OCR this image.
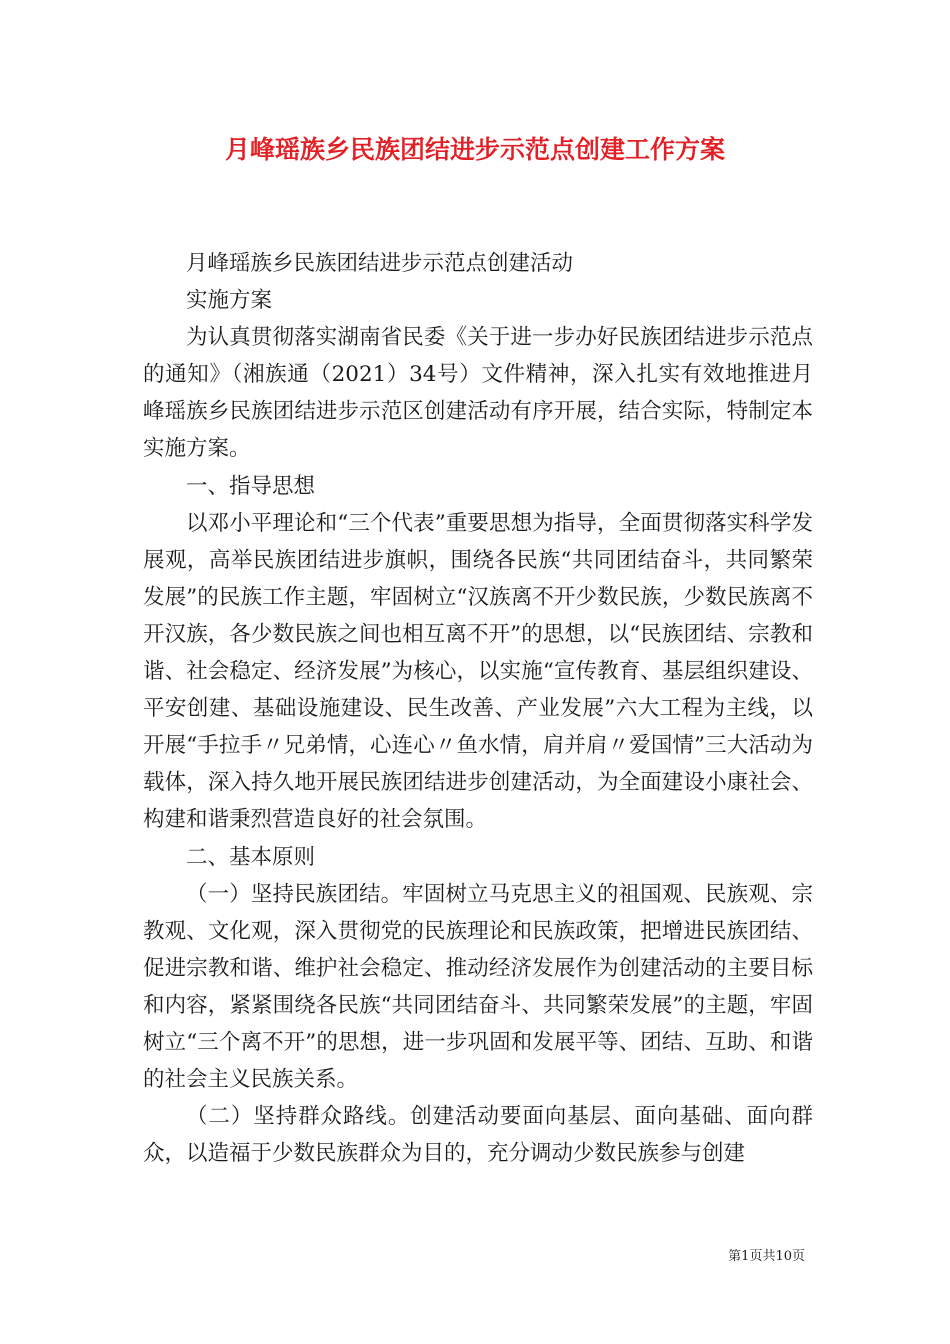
月峰瑶族乡民族团结进步示范点创建工作方案

月峰瑶族乡民族团结进步示范点创建活动

实施方案

为认真贯彻落实湖南省民委《关于进一步办好民族团结进步示范点的通知》（湘族通（2021）34号）文件精神，深入扎实有效地推进月峰瑶族乡民族团结进步示范区创建活动有序开展，结合实际，特制定本实施方案。

一、指导思想

以邓小平理论和“三个代表”重要思想为指导，全面贯彻落实科学发展观，高举民族团结进步旗帜，围绕各民族“共同团结奋斗，共同繁荣发展”的民族工作主题，牢固树立“汉族离不开少数民族，少数民族离不开汉族，各少数民族之间也相互离不开”的思想，以“民族团结、宗教和谐、社会稳定、经济发展”为核心，以实施“宣传教育、基层组织建设、平安创建、基础设施建设、民生改善、产业发展”六大工程为主线，以开展“手拉手〃兄弟情，心连心〃鱼水情，肩并肩〃爱国情”三大活动为载体，深入持久地开展民族团结进步创建活动，为全面建设小康社会、构建和谐秉烈营造良好的社会氛围。

二、基本原则

（一）坚持民族团结。牢固树立马克思主义的祖国观、民族观、宗教观、文化观，深入贯彻党的民族理论和民族政策，把增进民族团结、促进宗教和谐、维护社会稳定、推动经济发展作为创建活动的主要目标和内容，紧紧围绕各民族“共同团结奋斗、共同繁荣发展”的主题，牢固树立“三个离不开”的思想，进一步巩固和发展平等、团结、互助、和谐的社会主义民族关系。

（二）坚持群众路线。创建活动要面向基层、面向基础、面向群众，以造福于少数民族群众为目的，充分调动少数民族参与创建

第1页共10页
